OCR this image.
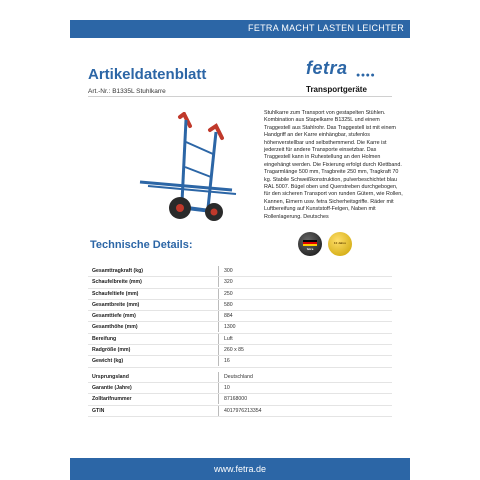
FETRA MACHT LASTEN LEICHTER
Artikeldatenblatt
Art.-Nr.: B1335L Stuhlkarre
fetra ●●●●
Transportgeräte
Stuhlkarre zum Transport von gestapelten Stühlen. Kombination aus Stapelkarre B1325L und einem Traggestell aus Stahlrohr. Das Traggestell ist mit einem Handgriff an der Karre einhängbar, stufenlos höhenverstellbar und selbsthemmend. Die Karre ist jederzeit für andere Transporte einsetzbar. Das Traggestell kann in Ruhestellung an den Holmen eingehängt werden. Die Fixierung erfolgt durch Klettband. Tragarmlänge 500 mm, Tragbreite 250 mm, Tragkraft 70 kg. Stabile Schweißkonstruktion, pulverbeschichtet blau RAL 5007. Bügel oben und Querstreben durchgebogen, für den sicheren Transport von runden Gütern, wie Rollen, Kannen, Eimern usw. fetra Sicherheitsgriffe. Räder mit Luftbereifung auf Kunststoff-Felgen, Naben mit Rollenlagerung. Deutsches
Technische Details:	fetra
10 Jahre
Gesamttragkraft (kg)	300
Schaufelbreite (mm)	320
Schaufeltiefe (mm)	250
Gesamtbreite (mm)	580
Gesamttiefe (mm)	884
Gesamthöhe (mm)	1300
Bereifung	Luft
Radgröße (mm)	260 x 85
Gewicht (kg)	16
Ursprungsland	Deutschland
Garantie (Jahre)	10
Zolltarifnummer	87168000
GTIN	4017976213354
www.fetra.de
